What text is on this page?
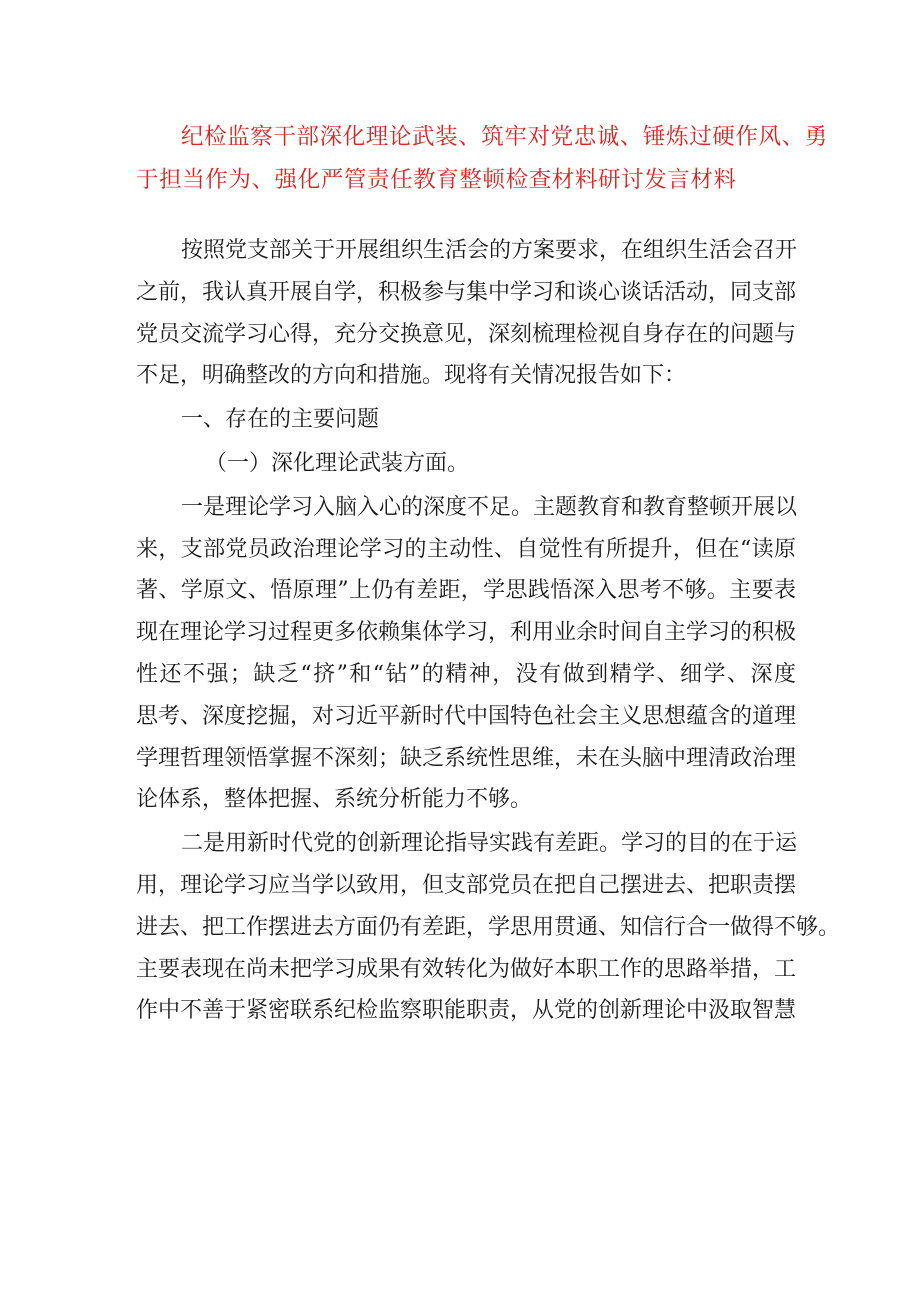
纪检监察干部深化理论武装、筑牢对党忠诚、锤炼过硬作风、勇
于担当作为、强化严管责任教育整顿检查材料研讨发言材料

按照党支部关于开展组织生活会的方案要求，在组织生活会召开
之前，我认真开展自学，积极参与集中学习和谈心谈话活动，同支部
党员交流学习心得，充分交换意见，深刻梳理检视自身存在的问题与
不足，明确整改的方向和措施。现将有关情况报告如下：

一、存在的主要问题

（一）深化理论武装方面。

一是理论学习入脑入心的深度不足。主题教育和教育整顿开展以
来，支部党员政治理论学习的主动性、自觉性有所提升，但在“读原
著、学原文、悟原理”上仍有差距，学思践悟深入思考不够。主要表
现在理论学习过程更多依赖集体学习，利用业余时间自主学习的积极
性还不强；缺乏“挤”和“钻”的精神，没有做到精学、细学、深度
思考、深度挖掘，对习近平新时代中国特色社会主义思想蕴含的道理
学理哲理领悟掌握不深刻；缺乏系统性思维，未在头脑中理清政治理
论体系，整体把握、系统分析能力不够。

二是用新时代党的创新理论指导实践有差距。学习的目的在于运
用，理论学习应当学以致用，但支部党员在把自己摆进去、把职责摆
进去、把工作摆进去方面仍有差距，学思用贯通、知信行合一做得不够。
主要表现在尚未把学习成果有效转化为做好本职工作的思路举措，工
作中不善于紧密联系纪检监察职能职责，从党的创新理论中汲取智慧
